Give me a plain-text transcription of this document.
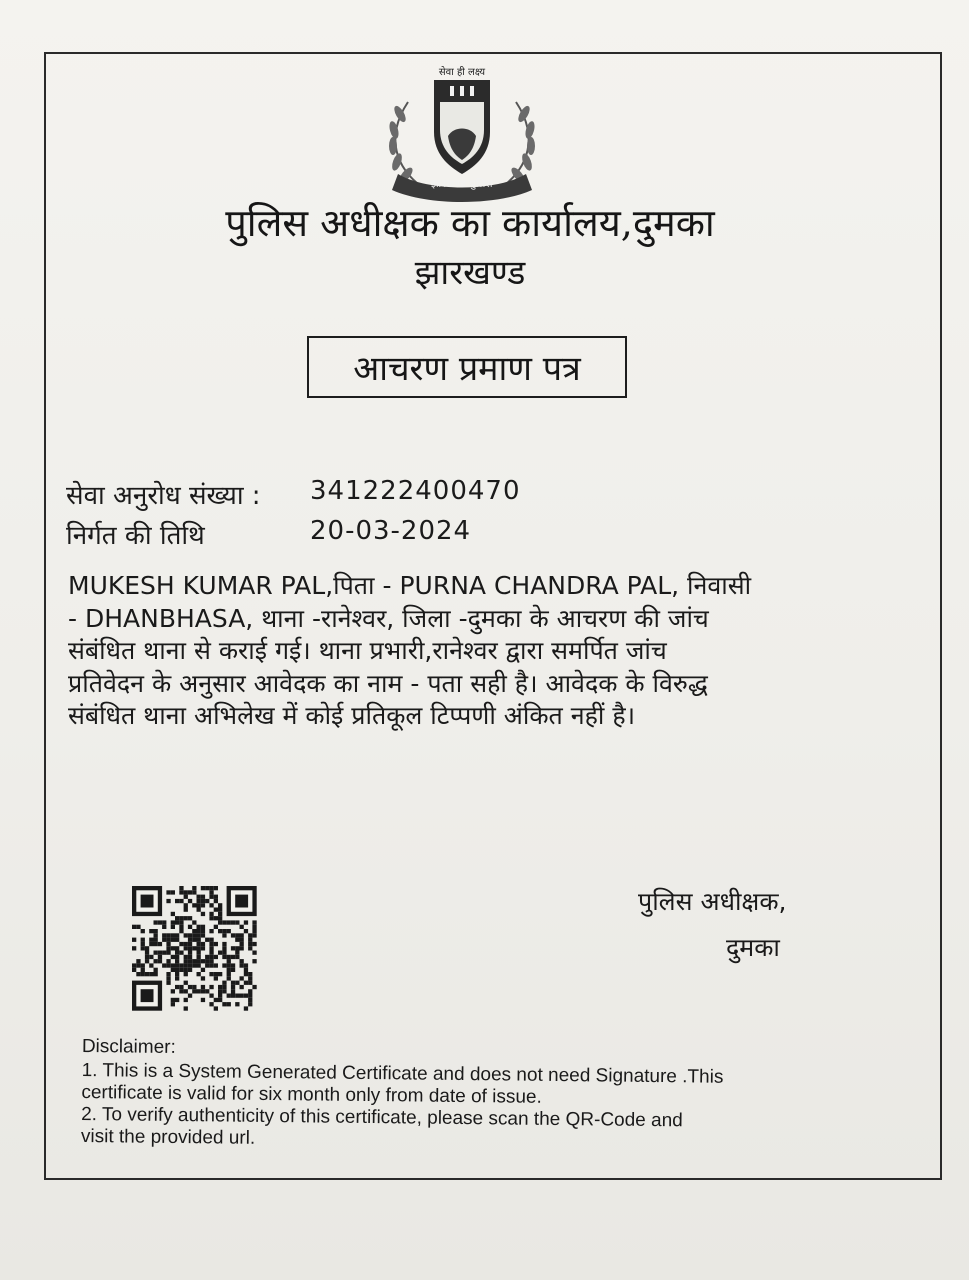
सेवा ही लक्ष्य
झारखण्ड पुलिस
पुलिस अधीक्षक का कार्यालय,दुमका
झारखण्ड
आचरण प्रमाण पत्र
सेवा अनुरोध संख्या : 341222400470
निर्गत की तिथि	20-03-2024
MUKESH KUMAR PAL,पिता - PURNA CHANDRA PAL, निवासी
- DHANBHASA, थाना -रानेश्वर, जिला -दुमका के आचरण की जांच
संबंधित थाना से कराई गई। थाना प्रभारी,रानेश्वर द्वारा समर्पित जांच
प्रतिवेदन के अनुसार आवेदक का नाम - पता सही है। आवेदक के विरुद्ध
संबंधित थाना अभिलेख में कोई प्रतिकूल टिप्पणी अंकित नहीं है।
पुलिस अधीक्षक,
दुमका
Disclaimer:
1. This is a System Generated Certificate and does not need Signature .This
certificate is valid for six month only from date of issue.
2. To verify authenticity of this certificate, please scan the QR-Code and
visit the provided url.
